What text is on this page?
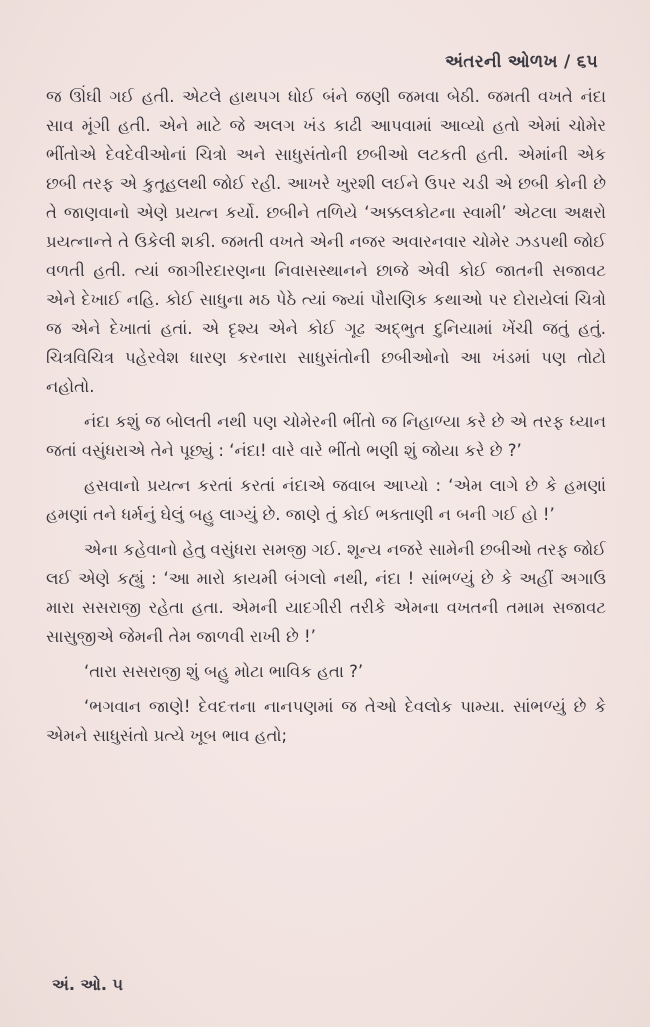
અંતરની ઓળખ / ૬૫

જ ઊંઘી ગઈ હતી. એટલે હાથપગ ધોઈ બંને જણી જમવા બેઠી. જમતી વખતે નંદા સાવ મૂંગી હતી. એને માટે જે અલગ ખંડ કાઢી આપવામાં આવ્યો હતો એમાં ચોમેર ભીંતોએ દેવદેવીઓનાં ચિત્રો અને સાધુસંતોની છબીઓ લટકતી હતી. એમાંની એક છબી તરફ એ કુતૂહલથી જોઈ રહી. આખરે ખુરશી લઈને ઉપર ચડી એ છબી કોની છે તે જાણવાનો એણે પ્રયત્ન કર્યો. છબીને તળિયે ‘અક્કલકોટના સ્વામી’ એટલા અક્ષરો પ્રયત્નાન્તે તે ઉકેલી શકી. જમતી વખતે એની નજર અવારનવાર ચોમેર ઝડપથી જોઈ વળતી હતી. ત્યાં જાગીરદારણના નિવાસસ્થાનને છાજે એવી કોઈ જાતની સજાવટ એને દેખાઈ નહિ. કોઈ સાધુના મઠ પેઠે ત્યાં જ્યાં પૌરાણિક કથાઓ પર દોરાયેલાં ચિત્રો જ એને દેખાતાં હતાં. એ દૃશ્ય એને કોઈ ગૂઢ અદ્ભુત દુનિયામાં ખેંચી જતું હતું. ચિત્રવિચિત્ર પહેરવેશ ધારણ કરનારા સાધુસંતોની છબીઓનો આ ખંડમાં પણ તોટો નહોતો.

નંદા કશું જ બોલતી નથી પણ ચોમેરની ભીંતો જ નિહાળ્યા કરે છે એ તરફ ધ્યાન જતાં વસુંધરાએ તેને પૂછ્યું : ‘નંદા! વારે વારે ભીંતો ભણી શું જોયા કરે છે ?’

હસવાનો પ્રયત્ન કરતાં કરતાં નંદાએ જવાબ આપ્યો : ‘એમ લાગે છે કે હમણાં હમણાં તને ધર્મનું ઘેલું બહુ લાગ્યું છે. જાણે તું કોઈ ભક્તાણી ન બની ગઈ હો !’

એના કહેવાનો હેતુ વસુંધરા સમજી ગઈ. શૂન્ય નજરે સામેની છબીઓ તરફ જોઈ લઈ એણે કહ્યું : ‘આ મારો કાયમી બંગલો નથી, નંદા ! સાંભળ્યું છે કે અહીં અગાઉ મારા સસરાજી રહેતા હતા. એમની યાદગીરી તરીકે એમના વખતની તમામ સજાવટ સાસુજીએ જેમની તેમ જાળવી રાખી છે !’

‘તારા સસરાજી શું બહુ મોટા ભાવિક હતા ?’

‘ભગવાન જાણે! દેવદત્તના નાનપણમાં જ તેઓ દેવલોક પામ્યા. સાંભળ્યું છે કે એમને સાધુસંતો પ્રત્યે ખૂબ ભાવ હતો;

અં. ઓ. ૫
